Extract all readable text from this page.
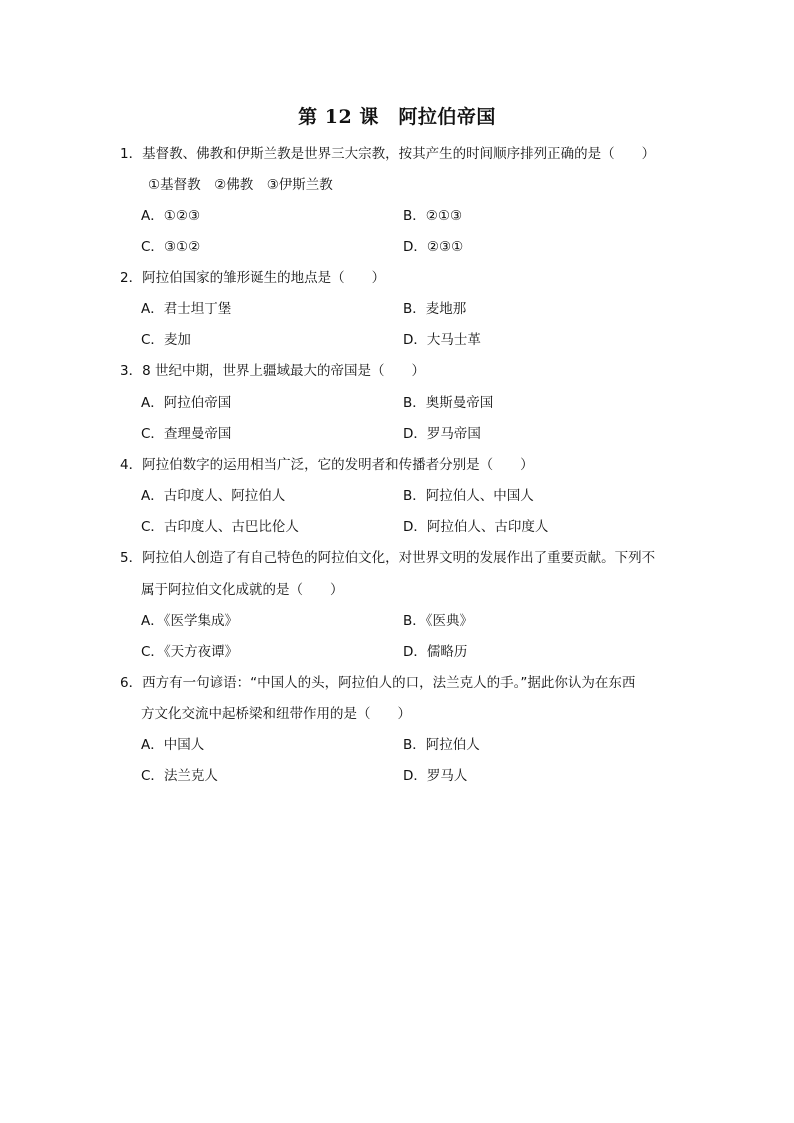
第 12 课　阿拉伯帝国
1．基督教、佛教和伊斯兰教是世界三大宗教，按其产生的时间顺序排列正确的是（　　）
①基督教　②佛教　③伊斯兰教
A．①②③	B．②①③
C．③①②	D．②③①
2．阿拉伯国家的雏形诞生的地点是（　　）
A．君士坦丁堡	B．麦地那
C．麦加	D．大马士革
3．8 世纪中期，世界上疆域最大的帝国是（　　）
A．阿拉伯帝国	B．奥斯曼帝国
C．查理曼帝国	D．罗马帝国
4．阿拉伯数字的运用相当广泛，它的发明者和传播者分别是（　　）
A．古印度人、阿拉伯人	B．阿拉伯人、中国人
C．古印度人、古巴比伦人	D．阿拉伯人、古印度人
5．阿拉伯人创造了有自己特色的阿拉伯文化，对世界文明的发展作出了重要贡献。下列不
属于阿拉伯文化成就的是（　　）
A．《医学集成》	B．《医典》
C．《天方夜谭》	D．儒略历
6．西方有一句谚语：“中国人的头，阿拉伯人的口，法兰克人的手。”据此你认为在东西
方文化交流中起桥梁和纽带作用的是（　　）
A．中国人	B．阿拉伯人
C．法兰克人	D．罗马人
